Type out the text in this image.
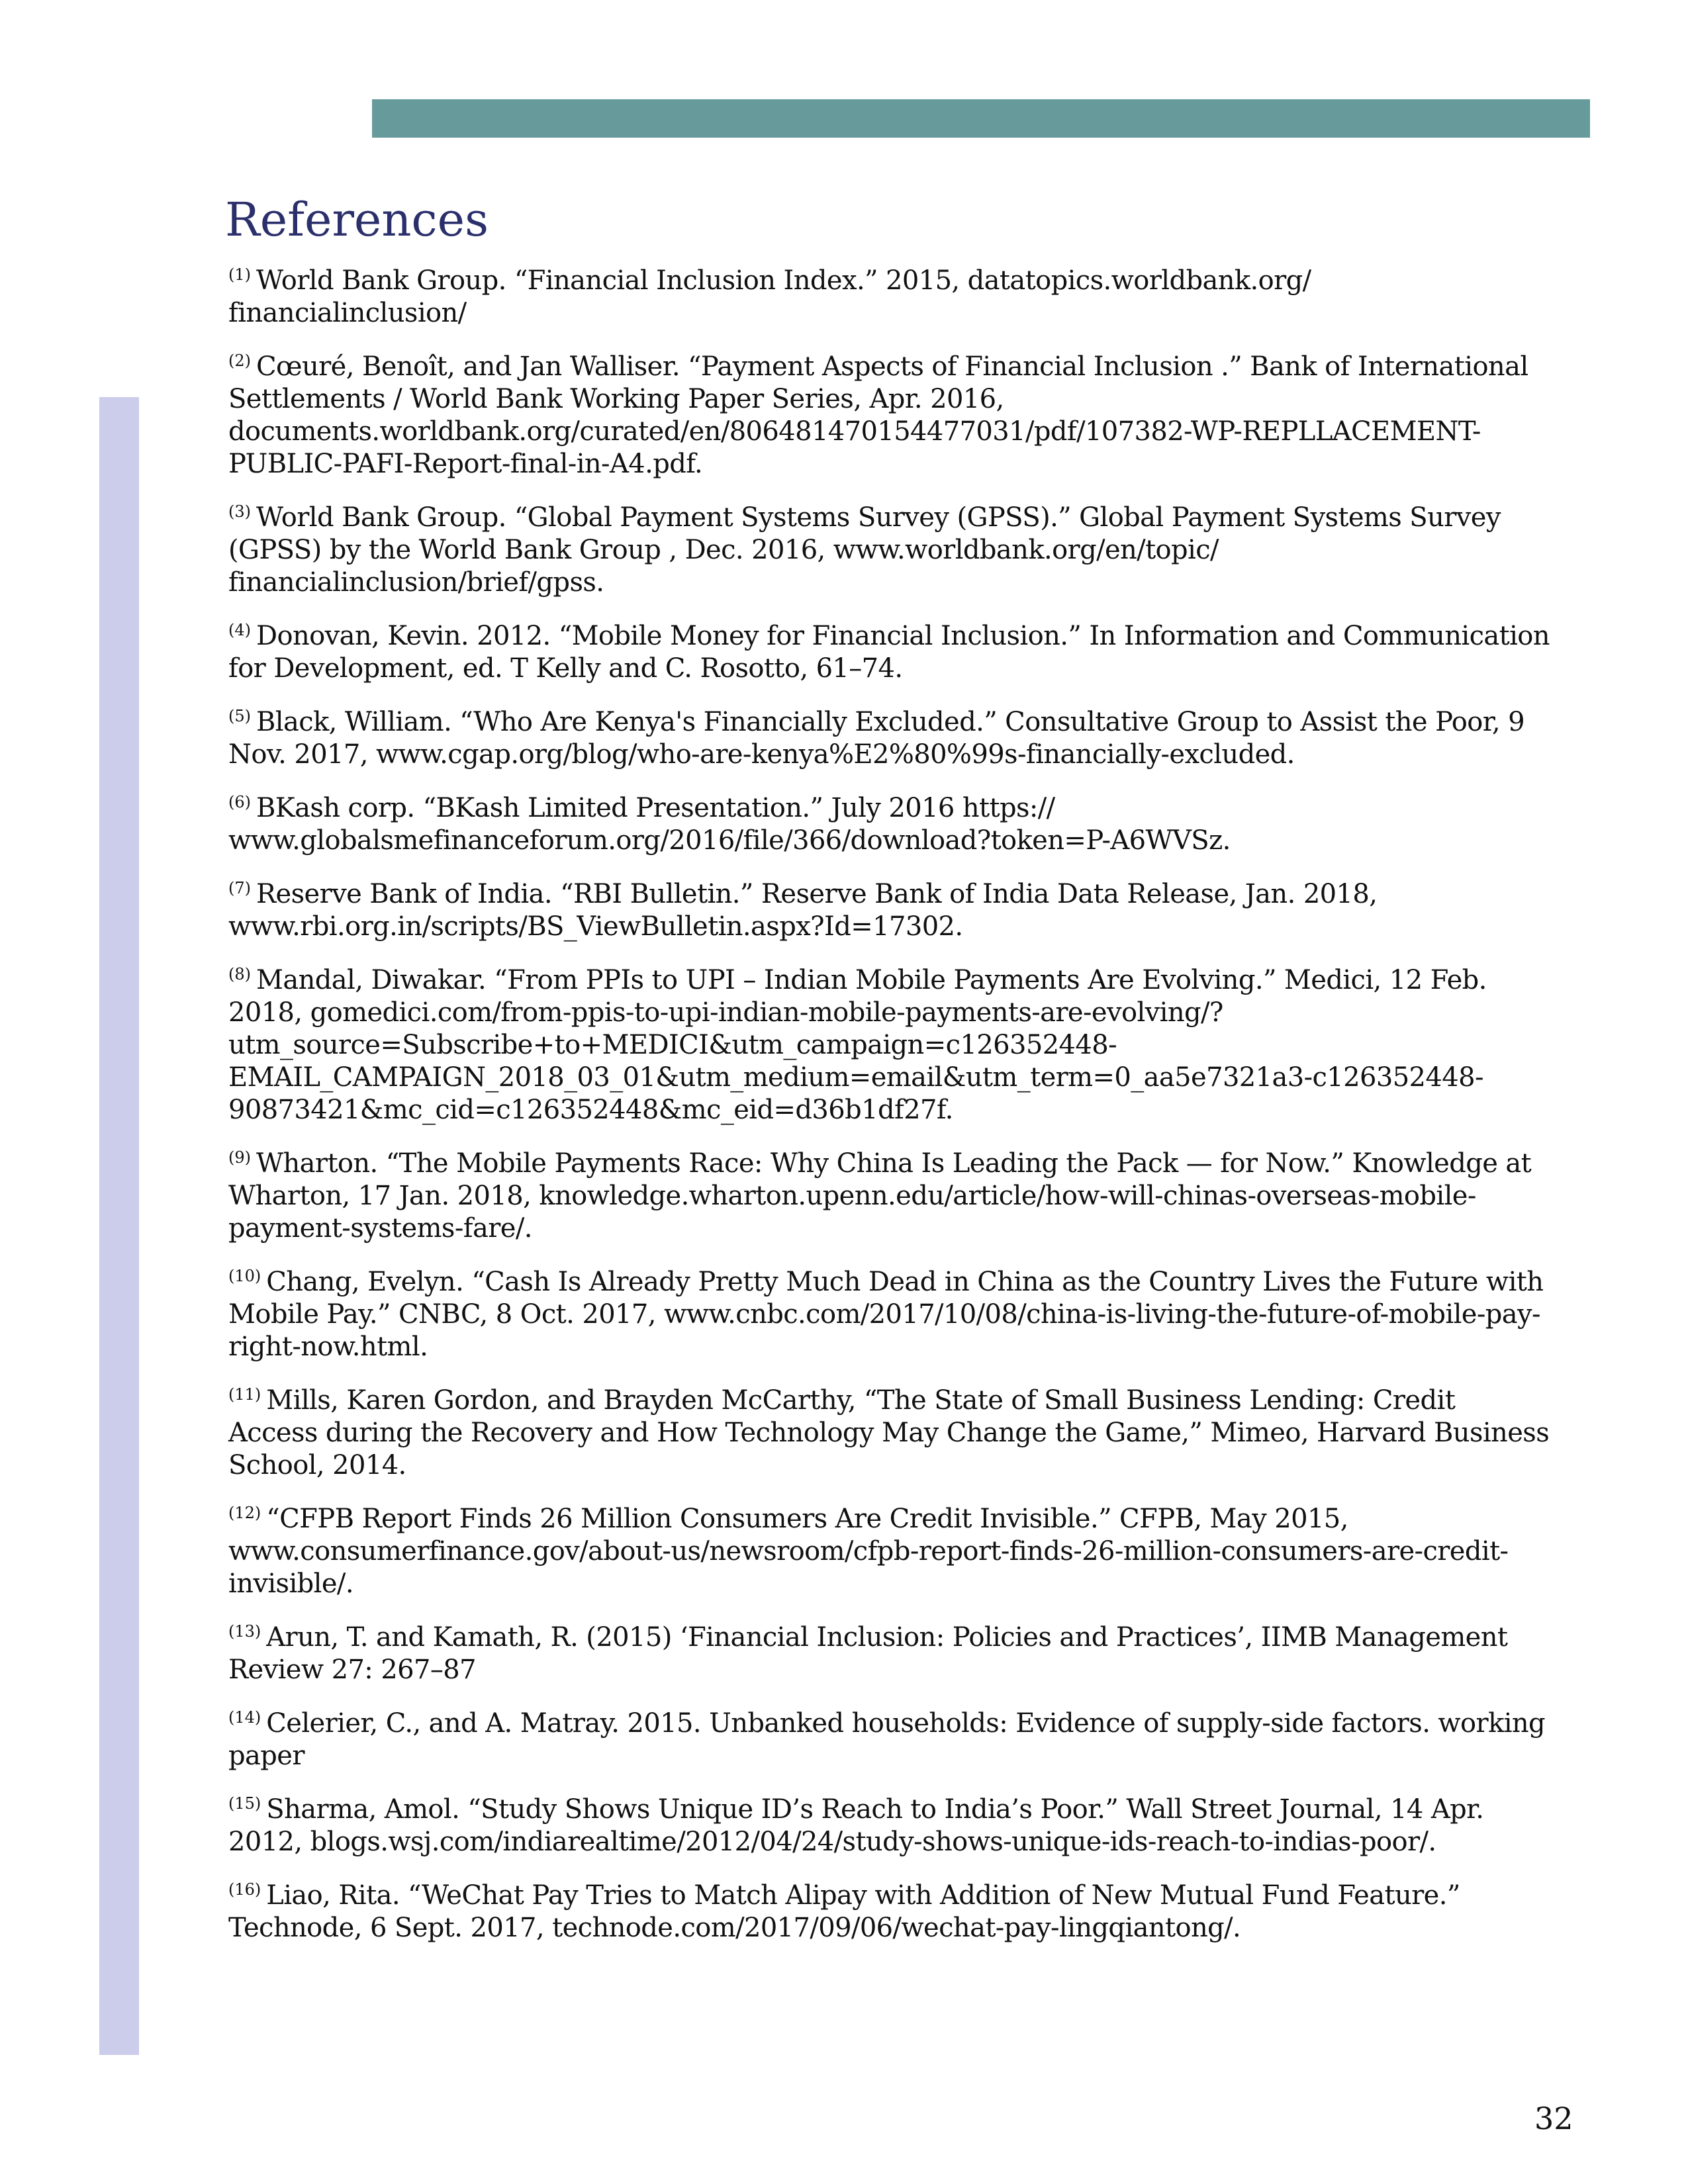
References
$^{(1)}$ World Bank Group. “Financial Inclusion Index.” 2015, datatopics.worldbank.org/ financialinclusion/
$^{(2)}$ Cœuré, Benoît, and Jan Walliser. “Payment Aspects of Financial Inclusion .” Bank of International Settlements / World Bank Working Paper Series, Apr. 2016, documents.worldbank.org/curated/en/806481470154477031/pdf/107382-WP-REPLLACEMENT-PUBLIC-PAFI-Report-final-in-A4.pdf.
$^{(3)}$ World Bank Group. “Global Payment Systems Survey (GPSS).” Global Payment Systems Survey (GPSS) by the World Bank Group , Dec. 2016, www.worldbank.org/en/topic/ financialinclusion/brief/gpss.
$^{(4)}$ Donovan, Kevin. 2012. “Mobile Money for Financial Inclusion.” In Information and Communication for Development, ed. T Kelly and C. Rosotto, 61–74.
$^{(5)}$ Black, William. “Who Are Kenya's Financially Excluded.” Consultative Group to Assist the Poor, 9 Nov. 2017, www.cgap.org/blog/who-are-kenya%E2%80%99s-financially-excluded.
$^{(6)}$ BKash corp. “BKash Limited Presentation.” July 2016 https:// www.globalsmefinanceforum.org/2016/file/366/download?token=P-A6WVSz.
$^{(7)}$ Reserve Bank of India. “RBI Bulletin.” Reserve Bank of India Data Release, Jan. 2018, www.rbi.org.in/scripts/BS_ViewBulletin.aspx?Id=17302.
$^{(8)}$ Mandal, Diwakar. “From PPIs to UPI – Indian Mobile Payments Are Evolving.” Medici, 12 Feb. 2018, gomedici.com/from-ppis-to-upi-indian-mobile-payments-are-evolving/? utm_source=Subscribe+to+MEDICI&utm_campaign=c126352448-EMAIL_CAMPAIGN_2018_03_01&utm_medium=email&utm_term=0_aa5e7321a3-c126352448-90873421&mc_cid=c126352448&mc_eid=d36b1df27f.
$^{(9)}$ Wharton. “The Mobile Payments Race: Why China Is Leading the Pack — for Now.” Knowledge at Wharton, 17 Jan. 2018, knowledge.wharton.upenn.edu/article/how-will-chinas-overseas-mobile-payment-systems-fare/.
$^{(10)}$ Chang, Evelyn. “Cash Is Already Pretty Much Dead in China as the Country Lives the Future with Mobile Pay.” CNBC, 8 Oct. 2017, www.cnbc.com/2017/10/08/china-is-living-the-future-of-mobile-pay-right-now.html.
$^{(11)}$ Mills, Karen Gordon, and Brayden McCarthy, “The State of Small Business Lending: Credit Access during the Recovery and How Technology May Change the Game,” Mimeo, Harvard Business School, 2014.
$^{(12)}$ “CFPB Report Finds 26 Million Consumers Are Credit Invisible.” CFPB, May 2015, www.consumerfinance.gov/about-us/newsroom/cfpb-report-finds-26-million-consumers-are-credit-invisible/.
$^{(13)}$ Arun, T. and Kamath, R. (2015) ‘Financial Inclusion: Policies and Practices’, IIMB Management Review 27: 267–87
$^{(14)}$ Celerier, C., and A. Matray. 2015. Unbanked households: Evidence of supply-side factors. working paper
$^{(15)}$ Sharma, Amol. “Study Shows Unique ID’s Reach to India’s Poor.” Wall Street Journal, 14 Apr. 2012, blogs.wsj.com/indiarealtime/2012/04/24/study-shows-unique-ids-reach-to-indias-poor/.
$^{(16)}$ Liao, Rita. “WeChat Pay Tries to Match Alipay with Addition of New Mutual Fund Feature.” Technode, 6 Sept. 2017, technode.com/2017/09/06/wechat-pay-lingqiantong/.
32
